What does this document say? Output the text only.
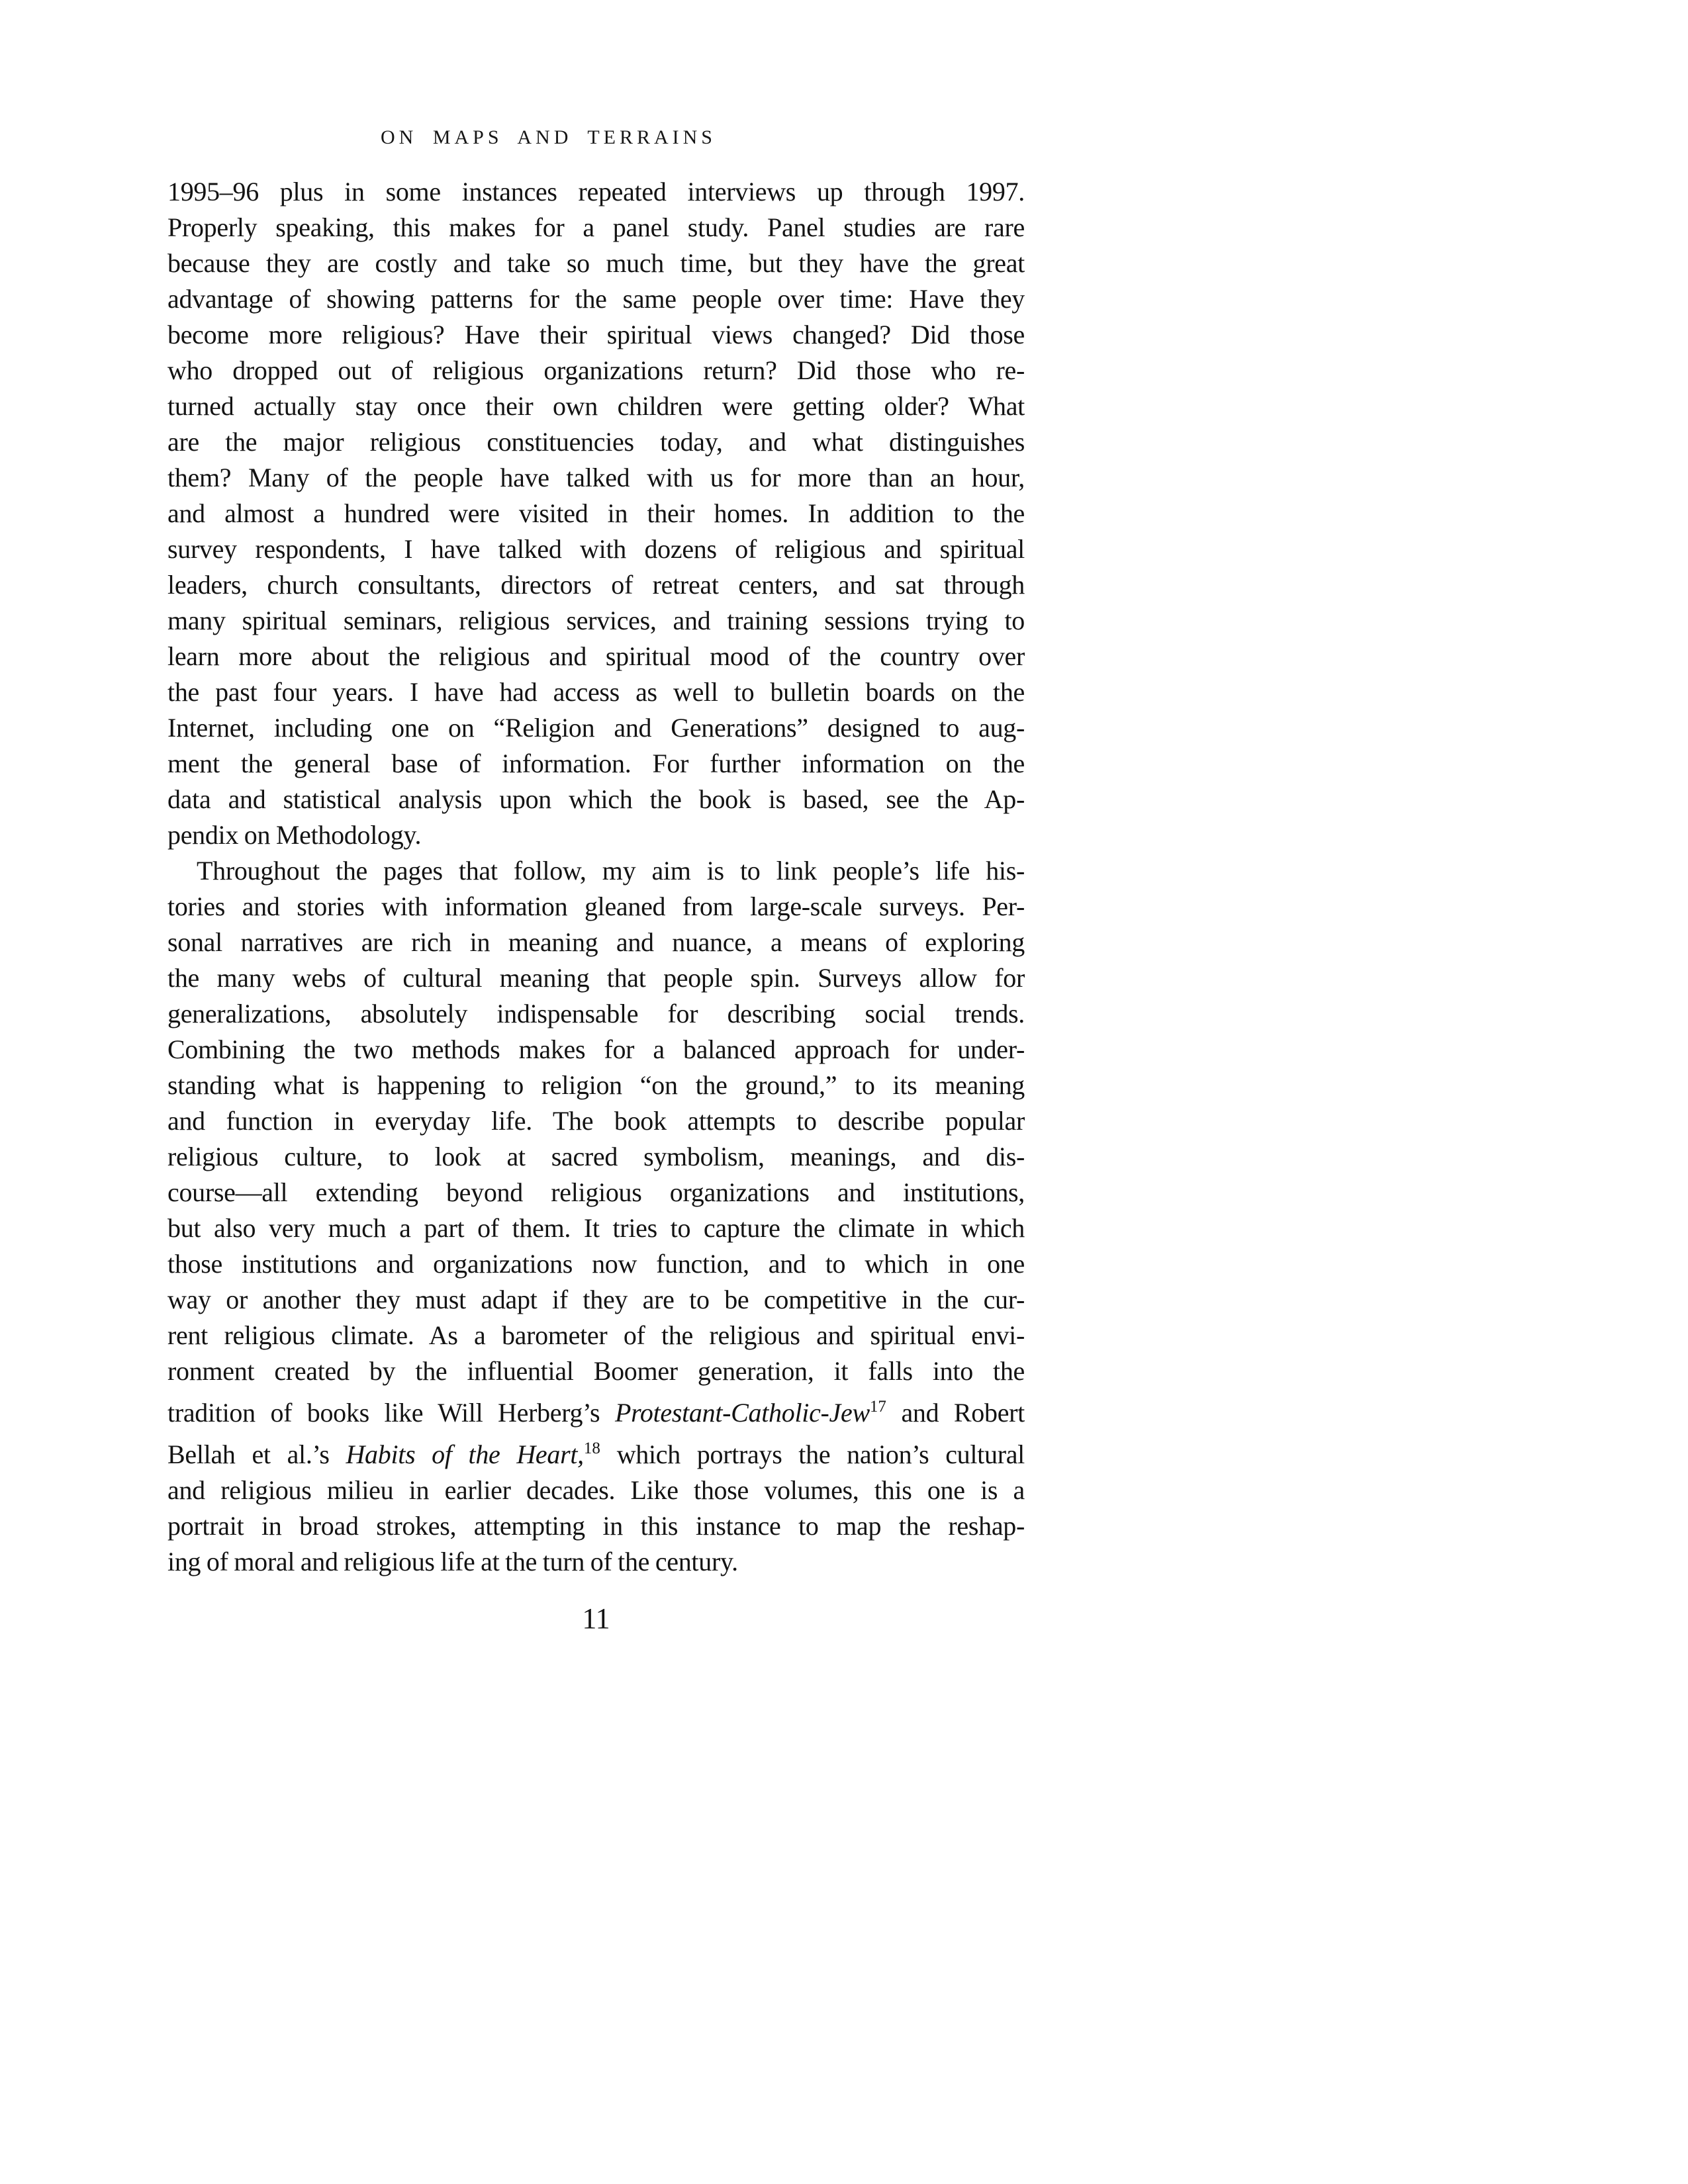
ON MAPS AND TERRAINS
1995–96 plus in some instances repeated interviews up through 1997.
Properly speaking, this makes for a panel study. Panel studies are rare
because they are costly and take so much time, but they have the great
advantage of showing patterns for the same people over time: Have they
become more religious? Have their spiritual views changed? Did those
who dropped out of religious organizations return? Did those who re-
turned actually stay once their own children were getting older? What
are the major religious constituencies today, and what distinguishes
them? Many of the people have talked with us for more than an hour,
and almost a hundred were visited in their homes. In addition to the
survey respondents, I have talked with dozens of religious and spiritual
leaders, church consultants, directors of retreat centers, and sat through
many spiritual seminars, religious services, and training sessions trying to
learn more about the religious and spiritual mood of the country over
the past four years. I have had access as well to bulletin boards on the
Internet, including one on “Religion and Generations” designed to aug-
ment the general base of information. For further information on the
data and statistical analysis upon which the book is based, see the Ap-
pendix on Methodology.
Throughout the pages that follow, my aim is to link people’s life his-
tories and stories with information gleaned from large-scale surveys. Per-
sonal narratives are rich in meaning and nuance, a means of exploring
the many webs of cultural meaning that people spin. Surveys allow for
generalizations, absolutely indispensable for describing social trends.
Combining the two methods makes for a balanced approach for under-
standing what is happening to religion “on the ground,” to its meaning
and function in everyday life. The book attempts to describe popular
religious culture, to look at sacred symbolism, meanings, and dis-
course—all extending beyond religious organizations and institutions,
but also very much a part of them. It tries to capture the climate in which
those institutions and organizations now function, and to which in one
way or another they must adapt if they are to be competitive in the cur-
rent religious climate. As a barometer of the religious and spiritual envi-
ronment created by the influential Boomer generation, it falls into the
tradition of books like Will Herberg’s Protestant-Catholic-Jew$^{17}$ and Robert
Bellah et al.’s Habits of the Heart,$^{18}$ which portrays the nation’s cultural
and religious milieu in earlier decades. Like those volumes, this one is a
portrait in broad strokes, attempting in this instance to map the reshap-
ing of moral and religious life at the turn of the century.
11
